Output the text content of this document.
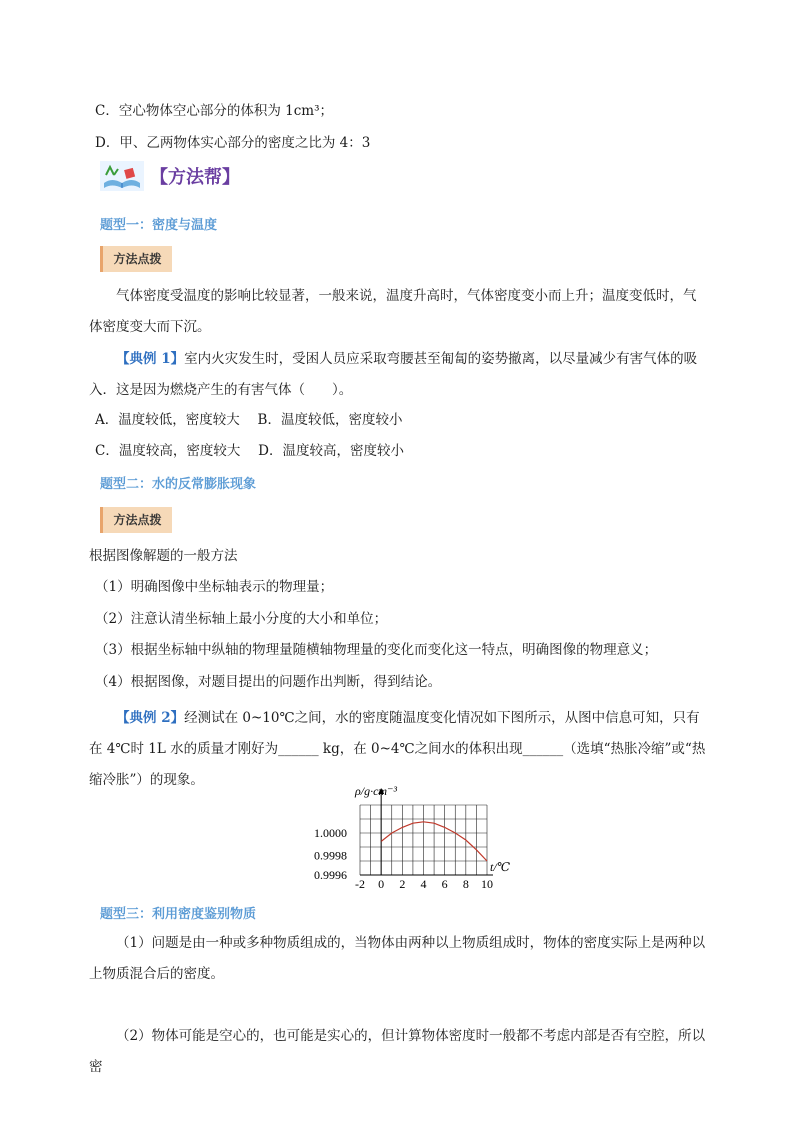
C．空心物体空心部分的体积为 1cm³；
D．甲、乙两物体实心部分的密度之比为 4：3
【方法帮】
题型一：密度与温度
方法点拨
气体密度受温度的影响比较显著，一般来说，温度升高时，气体密度变小而上升；温度变低时，气体密度变大而下沉。
【典例 1】室内火灾发生时，受困人员应采取弯腰甚至匍匐的姿势撤离，以尽量减少有害气体的吸入．这是因为燃烧产生的有害气体（　　）。
A．温度较低，密度较大　 B．温度较低，密度较小
C．温度较高，密度较大　 D．温度较高，密度较小
题型二：水的反常膨胀现象
方法点拨
根据图像解题的一般方法
（1）明确图像中坐标轴表示的物理量；
（2）注意认清坐标轴上最小分度的大小和单位；
（3）根据坐标轴中纵轴的物理量随横轴物理量的变化而变化这一特点，明确图像的物理意义；
（4）根据图像，对题目提出的问题作出判断，得到结论。
【典例 2】经测试在 0~10℃之间，水的密度随温度变化情况如下图所示，从图中信息可知，只有在 4℃时 1L 水的质量才刚好为______ kg，在 0~4℃之间水的体积出现______（选填“热胀冷缩”或“热缩冷胀”）的现象。
-2 0 2 4 6 8 10
1.0000
0.9998
0.9996
ρ/g·cm⁻³
t/℃
题型三：利用密度鉴别物质
（1）问题是由一种或多种物质组成的，当物体由两种以上物质组成时，物体的密度实际上是两种以上物质混合后的密度。
（2）物体可能是空心的，也可能是实心的，但计算物体密度时一般都不考虑内部是否有空腔，所以密
